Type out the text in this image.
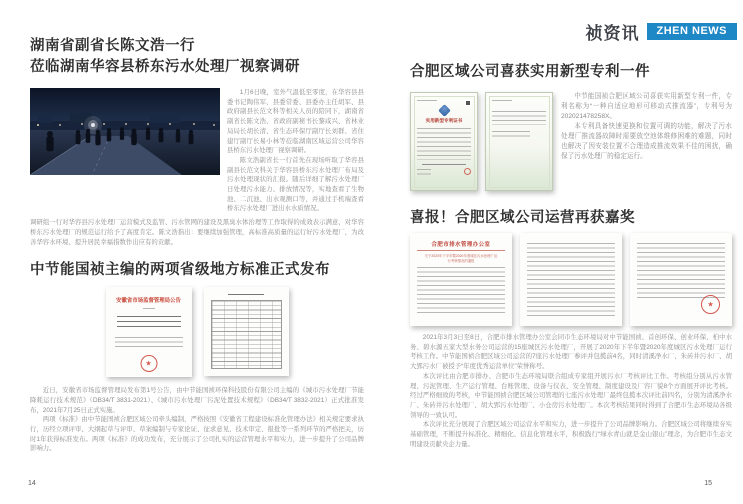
祯资讯	ZHEN NEWS
湖南省副省长陈文浩一行
莅临湖南华容县桥东污水处理厂视察调研

1月6日晚，室外气温低至零度，在华容县县委书记陶伟军、县委常委、县委办主任胡军、县政府副县长范文科等相关人员的陪同下，湖南省副省长陈文浩、省政府副秘书长黎咸兴、省林业局局长胡长清、省生态环保厅副厅长刘群、省住建厅副厅长易小林等莅临湖南区域运营公司华容县桥东污水处理厂视察调研。

陈文浩副省长一行首先在现场听取了华容县副县长范文科关于华容县桥东污水处理厂布局及污水处理现状的汇报。随后详细了解污水处理厂日处理污水能力、排放情况等，实地查看了生物池、二沉池、出水观测口等，并通过手机端查看桥东污水处理厂进出水水质情况。

调研组一行对华容县污水处理厂运营模式及监管、污水管网的建设及黑臭水体治理等工作取得的成效表示满意，对华容桥东污水处理厂的规范运行给予了高度肯定。陈文浩指出：要继续加强管理，高标准高质量的运行好污水处理厂，为改善华容水环境、提升居民幸福指数作出应有的贡献。

中节能国祯主编的两项省级地方标准正式发布
安徽省市场监督管理局公告
★

近日，安徽省市场监督管理局发布第1号公告，由中节能国祯环保科技股份有限公司主编的《城市污水处理厂节能降耗运行技术规范》（DB34/T 3831-2021）、《城市污水处理厂污泥处置技术规程》（DB34/T 3832-2021）正式批准发布，2021年7月25日正式实施。

两项《标准》由中节能国祯合肥区域公司牵头编制，严格按照《安徽省工程建设标准化管理办法》相关规定要求执行，历经立项评审、大纲起草与评审、草案编制与专家论证、征求意见、技术审定、报批等一系列环节的严格把关，历时1年获得标准发布。两项《标准》的成功发布，充分展示了公司扎实的运营管理水平和实力，进一步提升了公司品牌影响力。

合肥区域公司喜获实用新型专利一件
实用新型专利证书

中节能国祯合肥区域公司喜获实用新型专利一件，专利名称为“一种自适应地形可移动式推流器”，专利号为202021478258X。

本专利具备快速更换和位置可调的功能，解决了污水处理厂推流器故障时需要放空池体维修困难的难题，同时也解决了因安装位置不合理造成推流效果不佳的困扰，确保了污水处理厂的稳定运行。

喜报！合肥区域公司运营再获嘉奖
合肥市排水管理办公室
关于2020年下半年暨2020年度城区污水处理厂运行考核情况的通报
★

2021年3月3日至8日，合肥市排水管理办公室会同市生态环境局对中节能国祯、首创环保、创业环保、柏中水务、碧水源五家大型水务公司运营的15座城区污水处理厂，开展了2020年下半年暨2020年度城区污水处理厂运行考核工作。中节能国祯合肥区域公司运营的7座污水处理厂参评并包揽前4名，同时清溪净水厂、朱砖井污水厂、胡大郢污水厂被授予“年度优秀运营单位”荣誉称号。

本次评比由合肥市排办、合肥市生态环境局联合组成专家组开展污水厂考核评比工作。考核组分别从污水管理、污泥管理、生产运行管理、台账管理、设备与仪表、安全管理、制度建设及厂容厂貌8个方面展开评比考核。经过严格细致的考核，中节能国祯合肥区域公司管理的七座污水处理厂最终包揽本次评比前四名，分别为清溪净水厂、朱砖井污水处理厂、胡大郢污水处理厂、小仓房污水处理厂。本次考核结果同时得到了合肥市生态环境局各级领导的一致认可。

本次评比充分展现了合肥区域公司运营水平和实力，进一步提升了公司品牌影响力。合肥区域公司将继续夯实基础管理，不断提升标准化、精细化、信息化管理水平，积极践行“绿水青山就是金山银山”理念，为合肥市生态文明建设贡献央企力量。

14	15
